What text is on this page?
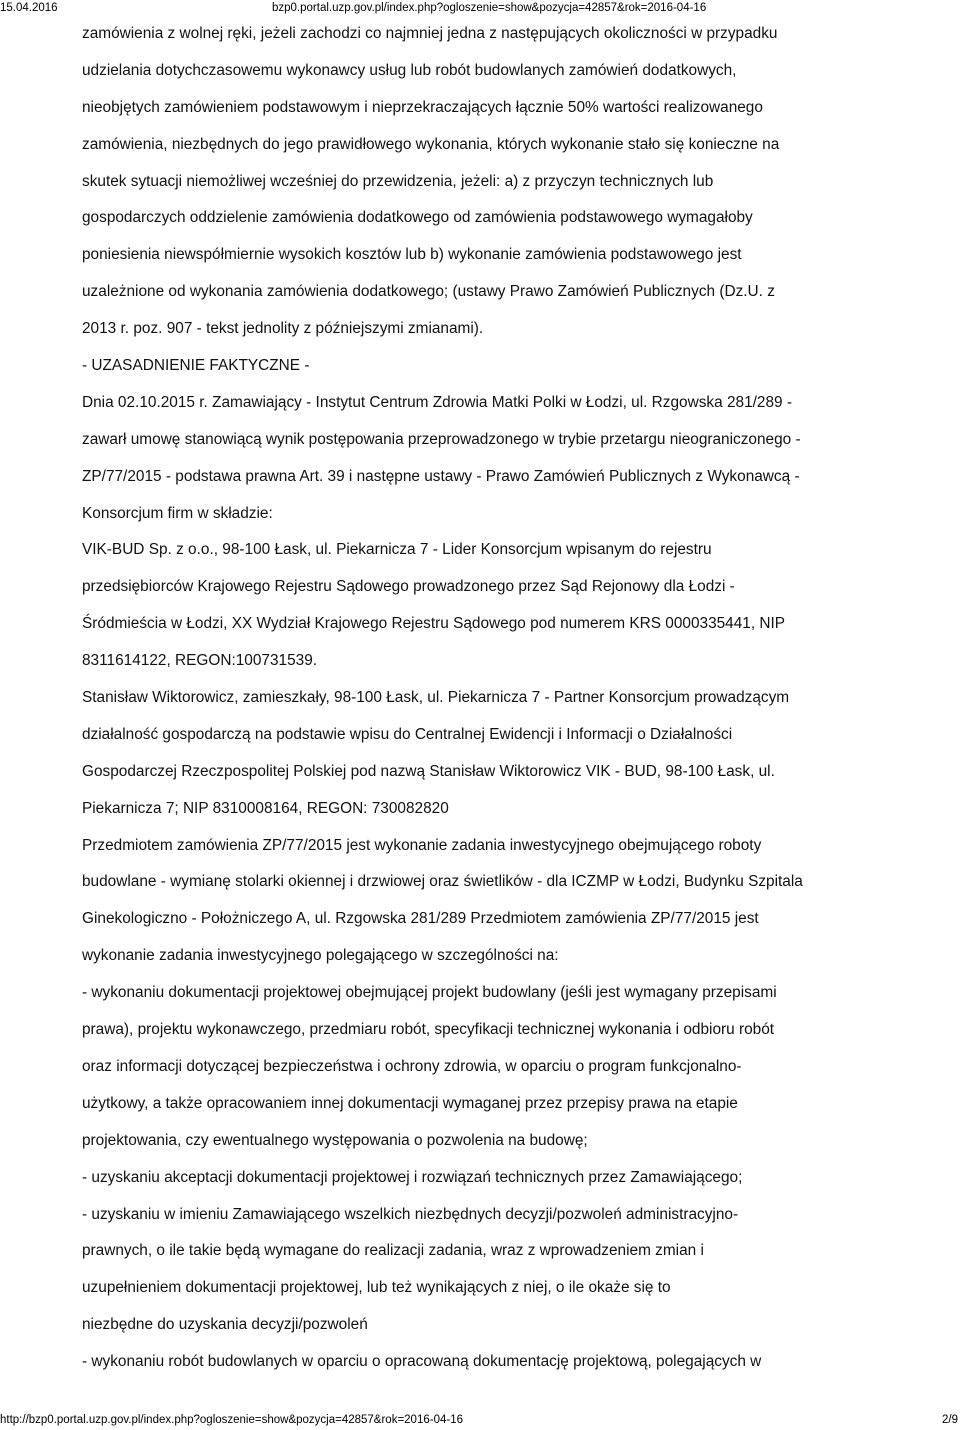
15.04.2016	bzp0.portal.uzp.gov.pl/index.php?ogloszenie=show&pozycja=42857&rok=2016-04-16
zamówienia z wolnej ręki, jeżeli zachodzi co najmniej jedna z następujących okoliczności w przypadku
udzielania dotychczasowemu wykonawcy usług lub robót budowlanych zamówień dodatkowych,
nieobjętych zamówieniem podstawowym i nieprzekraczających łącznie 50% wartości realizowanego
zamówienia, niezbędnych do jego prawidłowego wykonania, których wykonanie stało się konieczne na
skutek sytuacji niemożliwej wcześniej do przewidzenia, jeżeli: a) z przyczyn technicznych lub
gospodarczych oddzielenie zamówienia dodatkowego od zamówienia podstawowego wymagałoby
poniesienia niewspółmiernie wysokich kosztów lub b) wykonanie zamówienia podstawowego jest
uzależnione od wykonania zamówienia dodatkowego; (ustawy Prawo Zamówień Publicznych (Dz.U. z
2013 r. poz. 907 - tekst jednolity z późniejszymi zmianami).
- UZASADNIENIE FAKTYCZNE -
Dnia 02.10.2015 r. Zamawiający - Instytut Centrum Zdrowia Matki Polki w Łodzi, ul. Rzgowska 281/289 -
zawarł umowę stanowiącą wynik postępowania przeprowadzonego w trybie przetargu nieograniczonego -
ZP/77/2015 - podstawa prawna Art. 39 i następne ustawy - Prawo Zamówień Publicznych z Wykonawcą -
Konsorcjum firm w składzie:
VIK-BUD Sp. z o.o., 98-100 Łask, ul. Piekarnicza 7 - Lider Konsorcjum wpisanym do rejestru
przedsiębiorców Krajowego Rejestru Sądowego prowadzonego przez Sąd Rejonowy dla Łodzi -
Śródmieścia w Łodzi, XX Wydział Krajowego Rejestru Sądowego pod numerem KRS 0000335441, NIP
8311614122, REGON:100731539.
Stanisław Wiktorowicz, zamieszkały, 98-100 Łask, ul. Piekarnicza 7 - Partner Konsorcjum prowadzącym
działalność gospodarczą na podstawie wpisu do Centralnej Ewidencji i Informacji o Działalności
Gospodarczej Rzeczpospolitej Polskiej pod nazwą Stanisław Wiktorowicz VIK - BUD, 98-100 Łask, ul.
Piekarnicza 7; NIP 8310008164, REGON: 730082820
Przedmiotem zamówienia ZP/77/2015 jest wykonanie zadania inwestycyjnego obejmującego roboty
budowlane - wymianę stolarki okiennej i drzwiowej oraz świetlików - dla ICZMP w Łodzi, Budynku Szpitala
Ginekologiczno - Położniczego A, ul. Rzgowska 281/289 Przedmiotem zamówienia ZP/77/2015 jest
wykonanie zadania inwestycyjnego polegającego w szczególności na:
- wykonaniu dokumentacji projektowej obejmującej projekt budowlany (jeśli jest wymagany przepisami
prawa), projektu wykonawczego, przedmiaru robót, specyfikacji technicznej wykonania i odbioru robót
oraz informacji dotyczącej bezpieczeństwa i ochrony zdrowia, w oparciu o program funkcjonalno-
użytkowy, a także opracowaniem innej dokumentacji wymaganej przez przepisy prawa na etapie
projektowania, czy ewentualnego występowania o pozwolenia na budowę;
- uzyskaniu akceptacji dokumentacji projektowej i rozwiązań technicznych przez Zamawiającego;
- uzyskaniu w imieniu Zamawiającego wszelkich niezbędnych decyzji/pozwoleń administracyjno-
prawnych, o ile takie będą wymagane do realizacji zadania, wraz z wprowadzeniem zmian i
uzupełnieniem dokumentacji projektowej, lub też wynikających z niej, o ile okaże się to
niezbędne do uzyskania decyzji/pozwoleń
- wykonaniu robót budowlanych w oparciu o opracowaną dokumentację projektową, polegających w
http://bzp0.portal.uzp.gov.pl/index.php?ogloszenie=show&pozycja=42857&rok=2016-04-16	2/9
